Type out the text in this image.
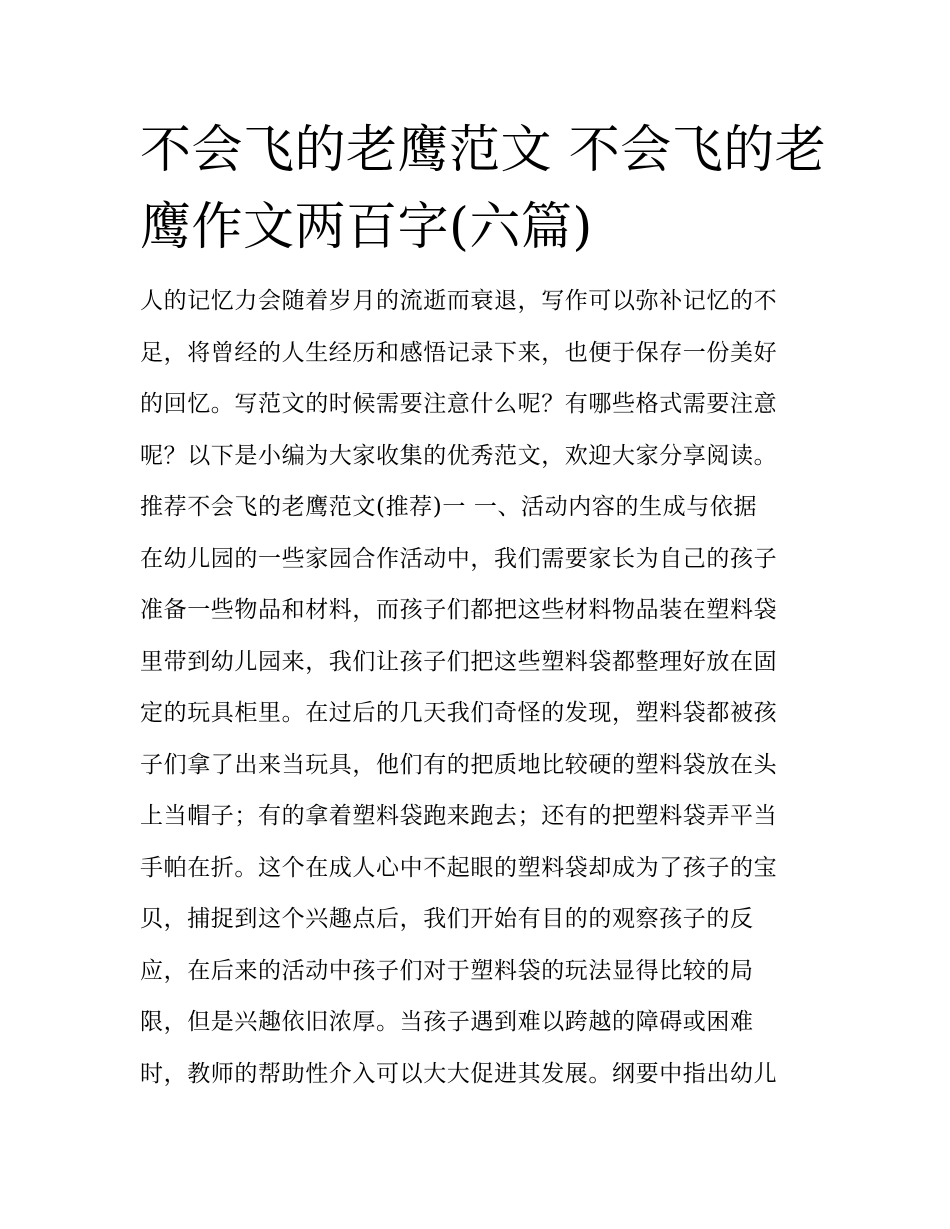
不会飞的老鹰范文 不会飞的老
鹰作文两百字(六篇)
人的记忆力会随着岁月的流逝而衰退，写作可以弥补记忆的不
足，将曾经的人生经历和感悟记录下来，也便于保存一份美好
的回忆。写范文的时候需要注意什么呢？有哪些格式需要注意
呢？以下是小编为大家收集的优秀范文，欢迎大家分享阅读。
推荐不会飞的老鹰范文(推荐)一 一、活动内容的生成与依据
在幼儿园的一些家园合作活动中，我们需要家长为自己的孩子
准备一些物品和材料，而孩子们都把这些材料物品装在塑料袋
里带到幼儿园来，我们让孩子们把这些塑料袋都整理好放在固
定的玩具柜里。在过后的几天我们奇怪的发现，塑料袋都被孩
子们拿了出来当玩具，他们有的把质地比较硬的塑料袋放在头
上当帽子；有的拿着塑料袋跑来跑去；还有的把塑料袋弄平当
手帕在折。这个在成人心中不起眼的塑料袋却成为了孩子的宝
贝，捕捉到这个兴趣点后，我们开始有目的的观察孩子的反
应，在后来的活动中孩子们对于塑料袋的玩法显得比较的局
限，但是兴趣依旧浓厚。当孩子遇到难以跨越的障碍或困难
时，教师的帮助性介入可以大大促进其发展。纲要中指出幼儿
